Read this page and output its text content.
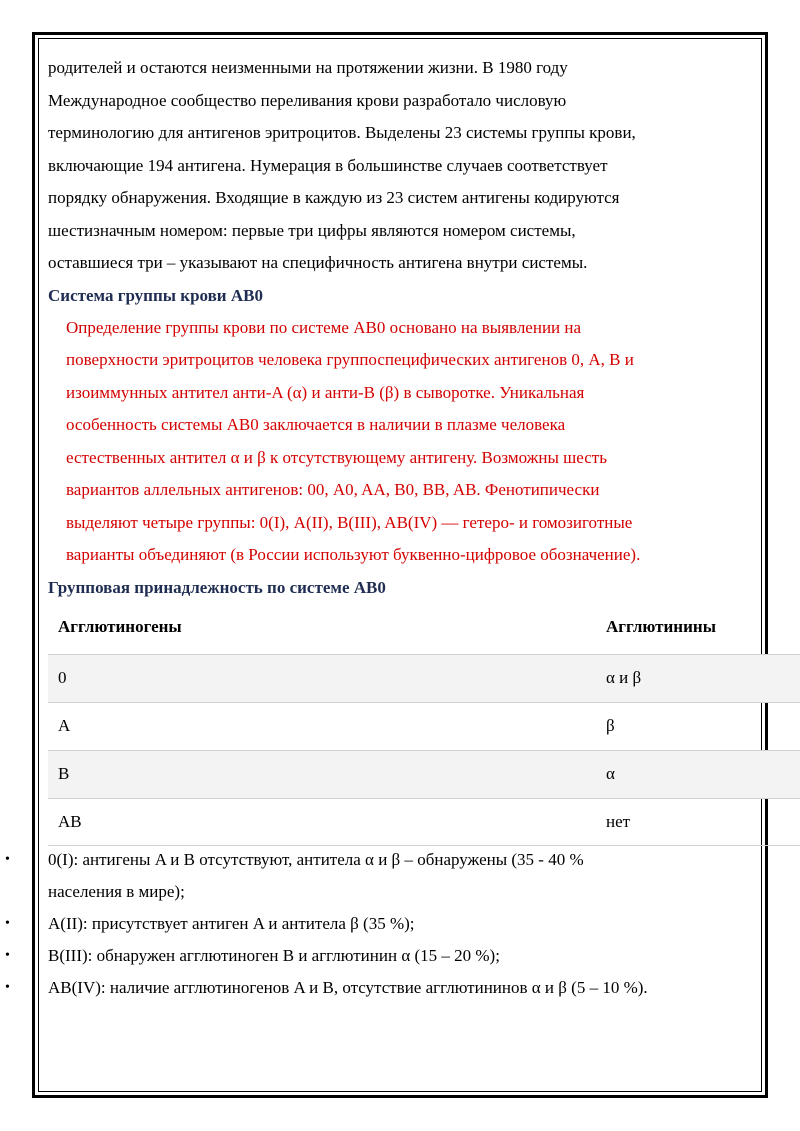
родителей и остаются неизменными на протяжении жизни. В 1980 году

Международное сообщество переливания крови разработало числовую

терминологию для антигенов эритроцитов. Выделены 23 системы группы крови,

включающие 194 антигена. Нумерация в большинстве случаев соответствует

порядку обнаружения. Входящие в каждую из 23 систем антигены кодируются

шестизначным номером: первые три цифры являются номером системы,

оставшиеся три – указывают на специфичность антигена внутри системы.

Система группы крови AB0

Определение группы крови по системе AB0 основано на выявлении на

поверхности эритроцитов человека группоспецифических антигенов 0, A, B и

изоиммунных антител анти-A (α) и анти-B (β) в сыворотке. Уникальная

особенность системы AB0 заключается в наличии в плазме человека

естественных антител α и β к отсутствующему антигену. Возможны шесть

вариантов аллельных антигенов: 00, A0, AA, B0, BB, AB. Фенотипически

выделяют четыре группы: 0(I), A(II), B(III), AB(IV) — гетеро- и гомозиготные

варианты объединяют (в России используют буквенно-цифровое обозначение).

Групповая принадлежность по системе AB0
Агглютиногены	Агглютинины
0	α и β
A	β
B	α
AB	нет
• 0(I): антигены A и B отсутствуют, антитела α и β – обнаружены (35 - 40 %
населения в мире);
• A(II): присутствует антиген A и антитела β (35 %);
• B(III): обнаружен агглютиноген B и агглютинин α (15 – 20 %);
• AB(IV): наличие агглютиногенов A и B, отсутствие агглютининов α и β (5 – 10 %).
